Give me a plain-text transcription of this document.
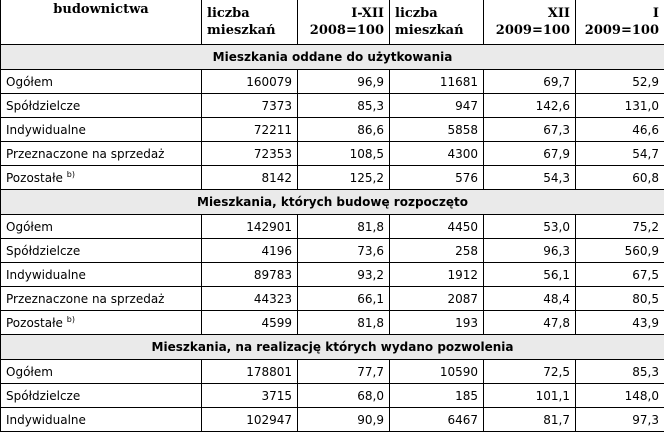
budownictwa	liczba mieszkań	I-XII 2008=100	liczba mieszkań	XII 2009=100	I 2009=100
Mieszkania oddane do użytkowania					
Ogółem	160079	96,9	11681	69,7	52,9
Spółdzielcze	7373	85,3	947	142,6	131,0
Indywidualne	72211	86,6	5858	67,3	46,6
Przeznaczone na sprzedaż	72353	108,5	4300	67,9	54,7
Pozostałe $^{b)}$	8142	125,2	576	54,3	60,8
Mieszkania, których budowę rozpoczęto					
Ogółem	142901	81,8	4450	53,0	75,2
Spółdzielcze	4196	73,6	258	96,3	560,9
Indywidualne	89783	93,2	1912	56,1	67,5
Przeznaczone na sprzedaż	44323	66,1	2087	48,4	80,5
Pozostałe $^{b)}$	4599	81,8	193	47,8	43,9
Mieszkania, na realizację których wydano pozwolenia					
Ogółem	178801	77,7	10590	72,5	85,3
Spółdzielcze	3715	68,0	185	101,1	148,0
Indywidualne	102947	90,9	6467	81,7	97,3
